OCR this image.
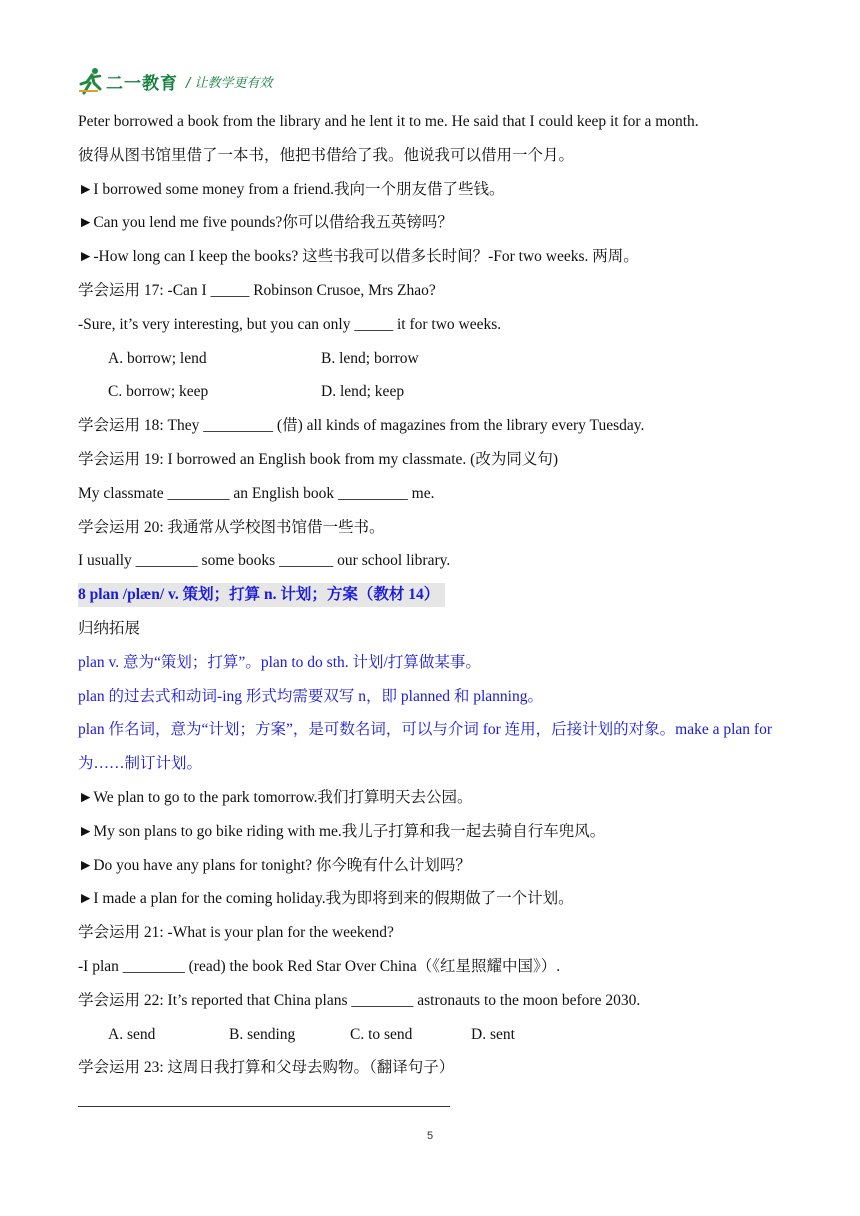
二一教育 / 让教学更有效
Peter borrowed a book from the library and he lent it to me. He said that I could keep it for a month.
彼得从图书馆里借了一本书，他把书借给了我。他说我可以借用一个月。
►I borrowed some money from a friend.我向一个朋友借了些钱。
►Can you lend me five pounds?你可以借给我五英镑吗？
►-How long can I keep the books? 这些书我可以借多长时间？-For two weeks. 两周。
学会运用 17: -Can I _____ Robinson Crusoe, Mrs Zhao?
-Sure, it’s very interesting, but you can only _____ it for two weeks.
A. borrow; lend	B. lend; borrow
C. borrow; keep	D. lend; keep
学会运用 18: They _________ (借) all kinds of magazines from the library every Tuesday.
学会运用 19: I borrowed an English book from my classmate. (改为同义句)
My classmate ________ an English book _________ me.
学会运用 20: 我通常从学校图书馆借一些书。
I usually ________ some books _______ our school library.
8 plan /plæn/ v. 策划；打算 n. 计划；方案（教材 14）
归纳拓展
plan v. 意为“策划；打算”。plan to do sth. 计划/打算做某事。
plan 的过去式和动词-ing 形式均需要双写 n，即 planned 和 planning。
plan 作名词，意为“计划；方案”，是可数名词，可以与介词 for 连用，后接计划的对象。make a plan for 为……制订计划。
►We plan to go to the park tomorrow.我们打算明天去公园。
►My son plans to go bike riding with me.我儿子打算和我一起去骑自行车兜风。
►Do you have any plans for tonight? 你今晚有什么计划吗？
►I made a plan for the coming holiday.我为即将到来的假期做了一个计划。
学会运用 21: -What is your plan for the weekend?
-I plan ________ (read) the book Red Star Over China（《红星照耀中国》）.
学会运用 22: It’s reported that China plans ________ astronauts to the moon before 2030.
A. send	B. sending	C. to send	D. sent
学会运用 23: 这周日我打算和父母去购物。（翻译句子）
5
